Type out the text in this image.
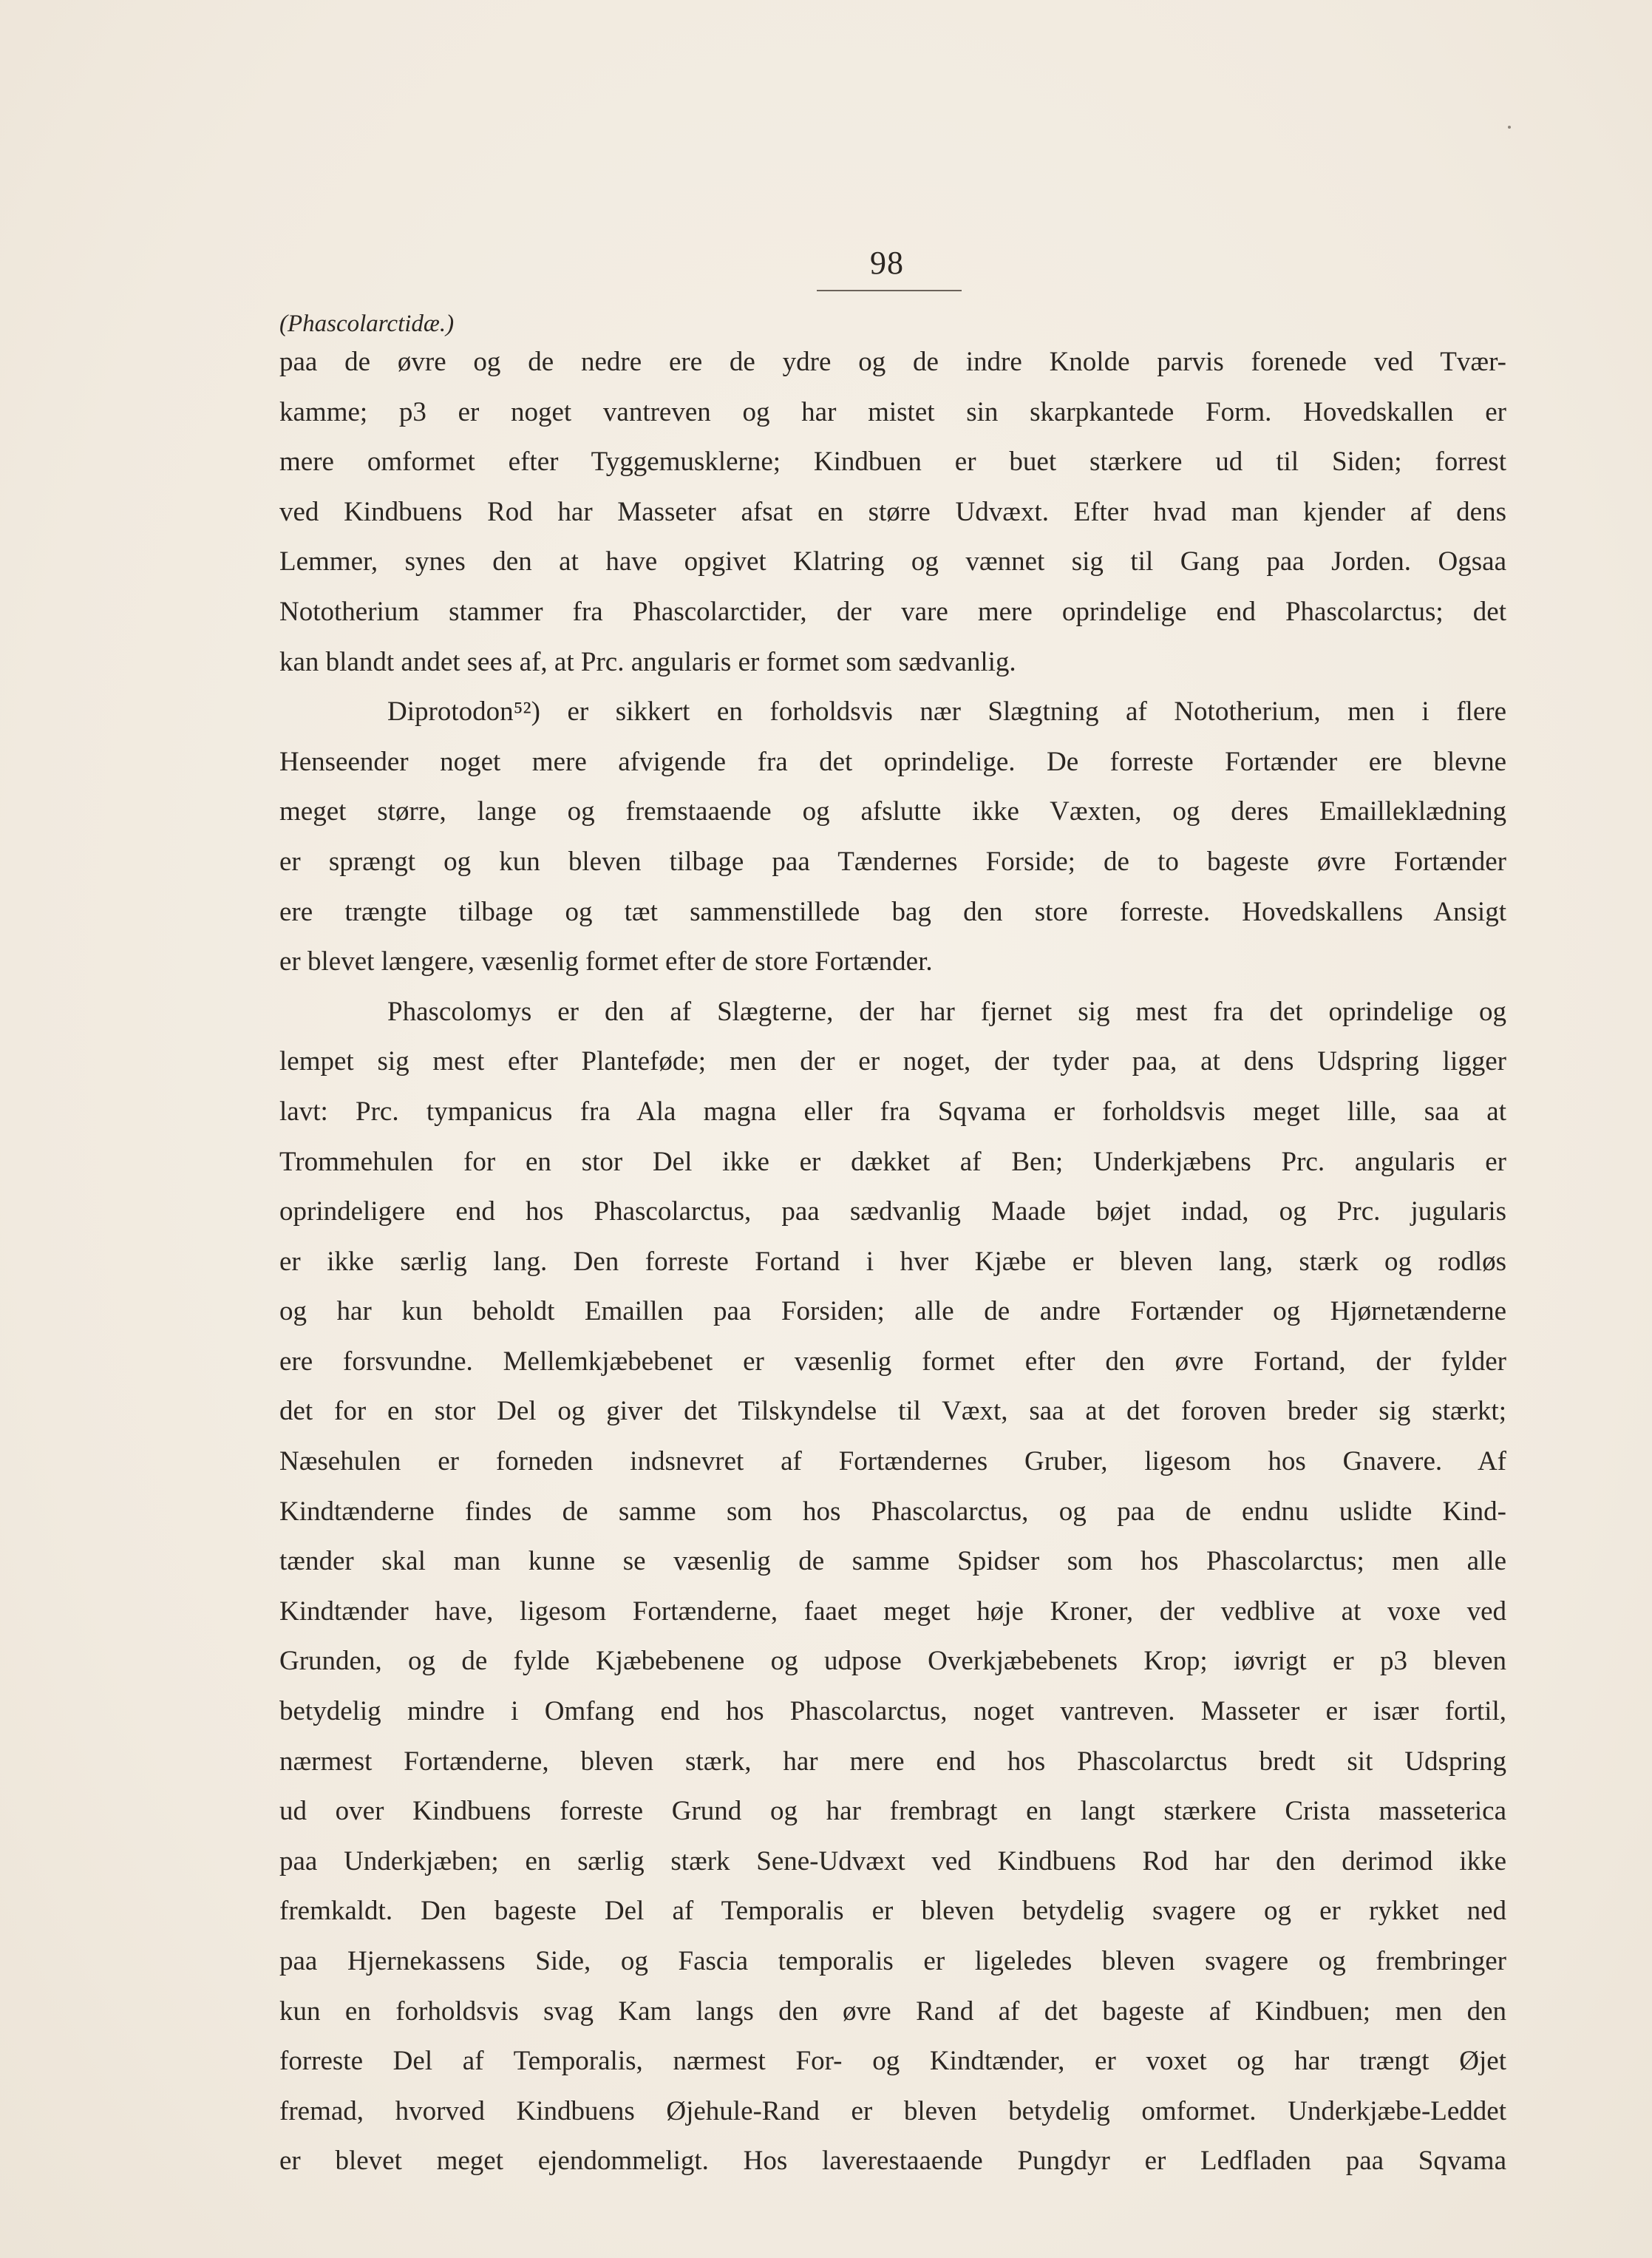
98
(Phascolarctidæ.)
paa de øvre og de nedre ere de ydre og de indre Knolde parvis forenede ved Tvær-
kamme; p3 er noget vantreven og har mistet sin skarpkantede Form. Hovedskallen er
mere omformet efter Tyggemusklerne; Kindbuen er buet stærkere ud til Siden; forrest
ved Kindbuens Rod har Masseter afsat en større Udvæxt. Efter hvad man kjender af dens
Lemmer, synes den at have opgivet Klatring og vænnet sig til Gang paa Jorden. Ogsaa
Nototherium stammer fra Phascolarctider, der vare mere oprindelige end Phascolarctus; det
kan blandt andet sees af, at Prc. angularis er formet som sædvanlig.
Diprotodon⁵²) er sikkert en forholdsvis nær Slægtning af Nototherium, men i flere
Henseender noget mere afvigende fra det oprindelige. De forreste Fortænder ere blevne
meget større, lange og fremstaaende og afslutte ikke Væxten, og deres Emailleklædning
er sprængt og kun bleven tilbage paa Tændernes Forside; de to bageste øvre Fortænder
ere trængte tilbage og tæt sammenstillede bag den store forreste. Hovedskallens Ansigt
er blevet længere, væsenlig formet efter de store Fortænder.
Phascolomys er den af Slægterne, der har fjernet sig mest fra det oprindelige og
lempet sig mest efter Planteføde; men der er noget, der tyder paa, at dens Udspring ligger
lavt: Prc. tympanicus fra Ala magna eller fra Sqvama er forholdsvis meget lille, saa at
Trommehulen for en stor Del ikke er dækket af Ben; Underkjæbens Prc. angularis er
oprindeligere end hos Phascolarctus, paa sædvanlig Maade bøjet indad, og Prc. jugularis
er ikke særlig lang. Den forreste Fortand i hver Kjæbe er bleven lang, stærk og rodløs
og har kun beholdt Emaillen paa Forsiden; alle de andre Fortænder og Hjørnetænderne
ere forsvundne. Mellemkjæbebenet er væsenlig formet efter den øvre Fortand, der fylder
det for en stor Del og giver det Tilskyndelse til Væxt, saa at det foroven breder sig stærkt;
Næsehulen er forneden indsnevret af Fortændernes Gruber, ligesom hos Gnavere. Af
Kindtænderne findes de samme som hos Phascolarctus, og paa de endnu uslidte Kind-
tænder skal man kunne se væsenlig de samme Spidser som hos Phascolarctus; men alle
Kindtænder have, ligesom Fortænderne, faaet meget høje Kroner, der vedblive at voxe ved
Grunden, og de fylde Kjæbebenene og udpose Overkjæbebenets Krop; iøvrigt er p3 bleven
betydelig mindre i Omfang end hos Phascolarctus, noget vantreven. Masseter er især fortil,
nærmest Fortænderne, bleven stærk, har mere end hos Phascolarctus bredt sit Udspring
ud over Kindbuens forreste Grund og har frembragt en langt stærkere Crista masseterica
paa Underkjæben; en særlig stærk Sene-Udvæxt ved Kindbuens Rod har den derimod ikke
fremkaldt. Den bageste Del af Temporalis er bleven betydelig svagere og er rykket ned
paa Hjernekassens Side, og Fascia temporalis er ligeledes bleven svagere og frembringer
kun en forholdsvis svag Kam langs den øvre Rand af det bageste af Kindbuen; men den
forreste Del af Temporalis, nærmest For- og Kindtænder, er voxet og har trængt Øjet
fremad, hvorved Kindbuens Øjehule-Rand er bleven betydelig omformet. Underkjæbe-Leddet
er blevet meget ejendommeligt. Hos laverestaaende Pungdyr er Ledfladen paa Sqvama
